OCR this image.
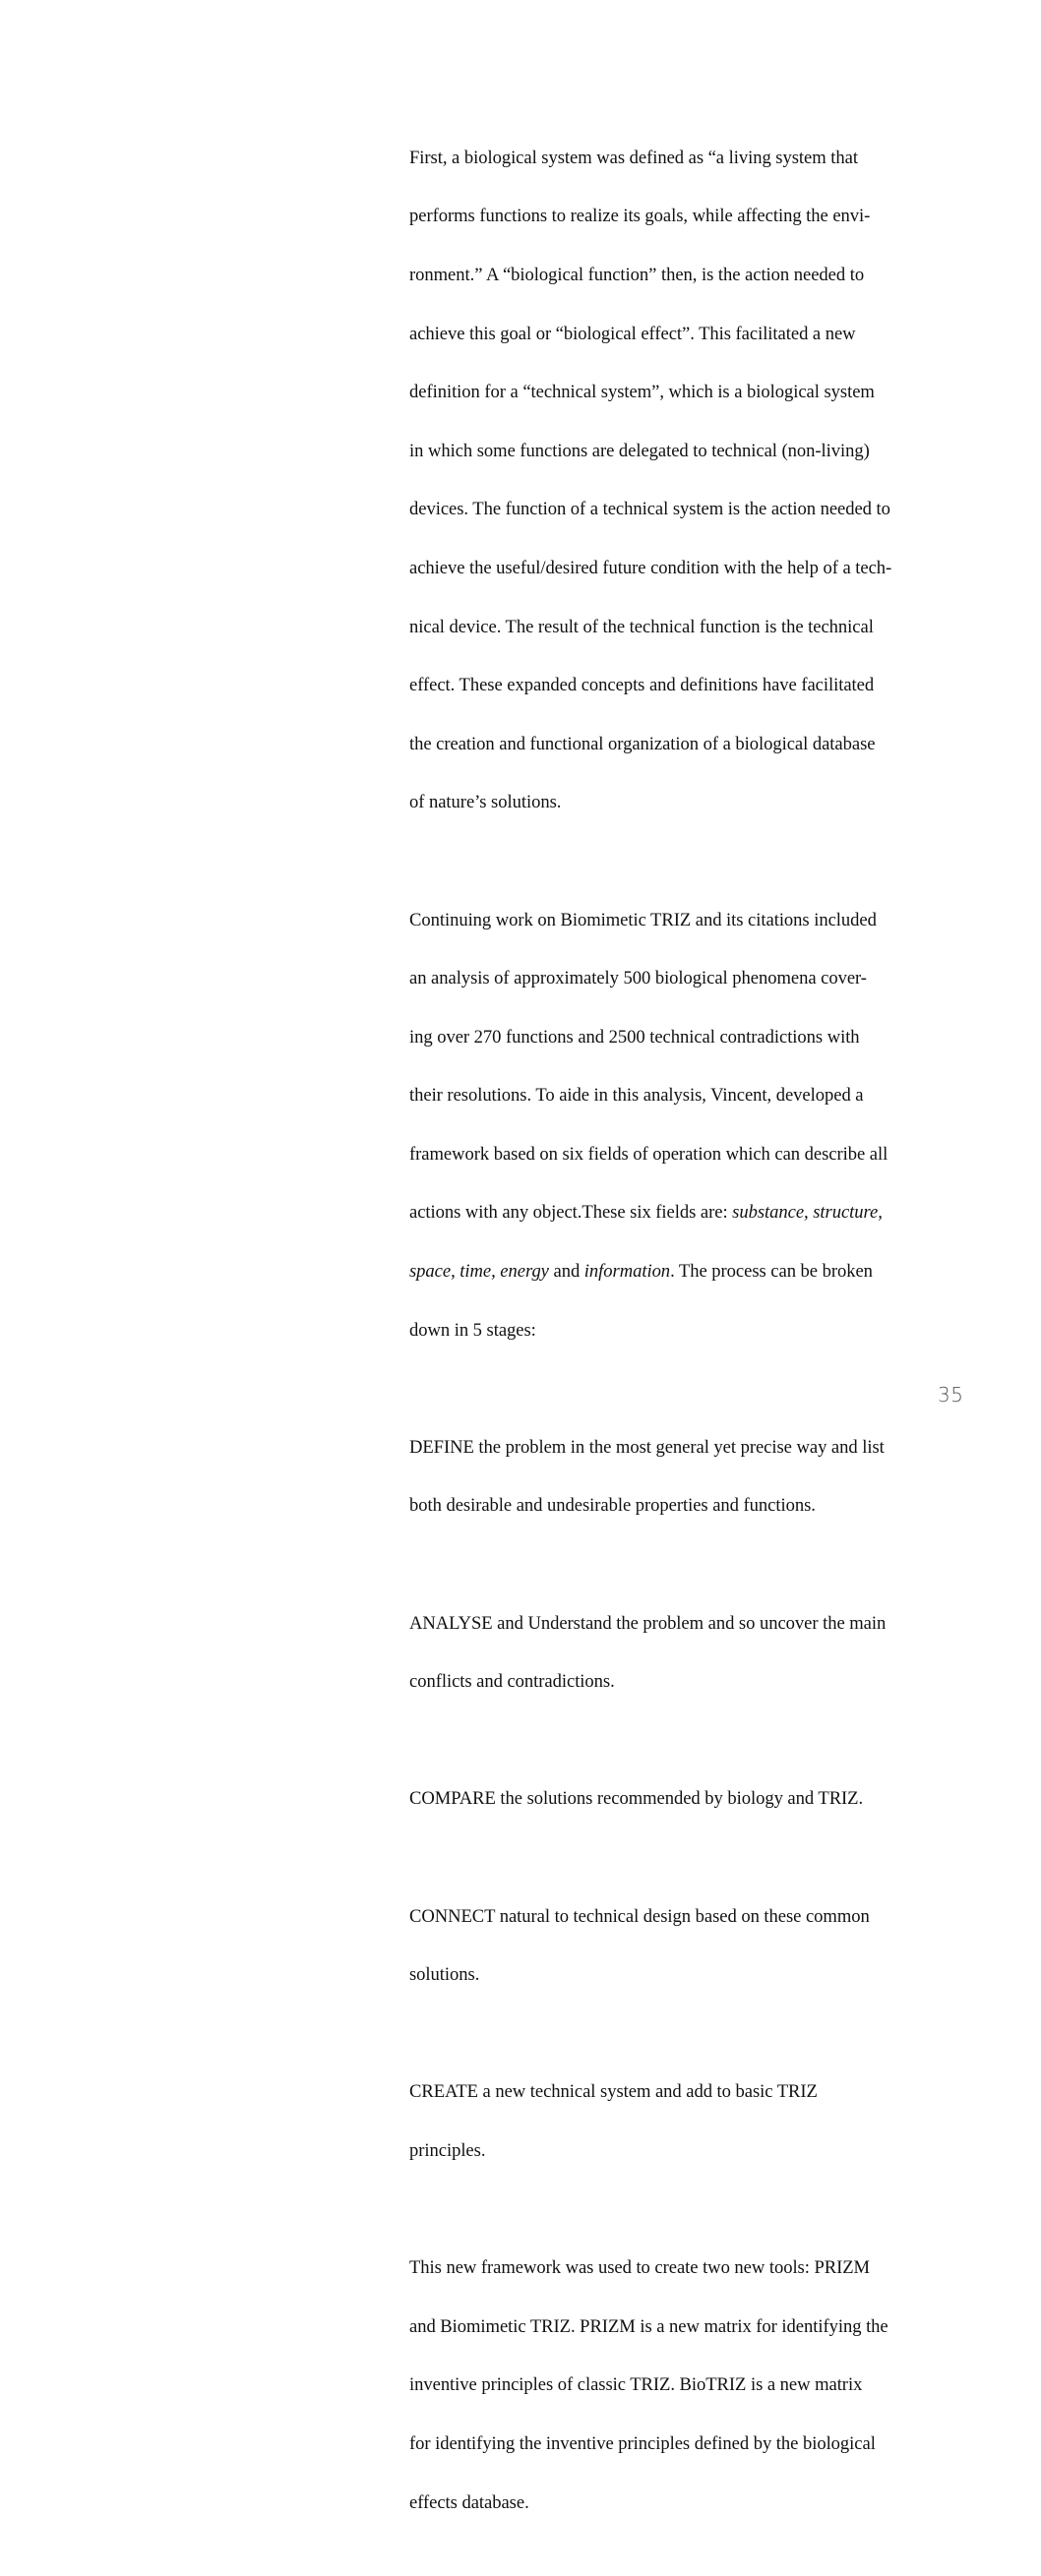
First, a biological system was defined as “a living system that

performs functions to realize its goals, while affecting the envi-

ronment.” A “biological function” then, is the action needed to

achieve this goal or “biological effect”. This facilitated a new

definition for a “technical system”, which is a biological system

in which some functions are delegated to technical (non-living)

devices. The function of a technical system is the action needed to

achieve the useful/desired future condition with the help of a tech-

nical device. The result of the technical function is the technical

effect. These expanded concepts and definitions have facilitated

the creation and functional organization of a biological database

of nature’s solutions.

Continuing work on Biomimetic TRIZ and its citations included

an analysis of approximately 500 biological phenomena cover-

ing over 270 functions and 2500 technical contradictions with

their resolutions. To aide in this analysis, Vincent, developed a

framework based on six fields of operation which can describe all

actions with any object.These six fields are: substance, structure,

space, time, energy and information. The process can be broken

down in 5 stages:

DEFINE the problem in the most general yet precise way and list

both desirable and undesirable properties and functions.

ANALYSE and Understand the problem and so uncover the main

conflicts and contradictions.

COMPARE the solutions recommended by biology and TRIZ.

CONNECT natural to technical design based on these common

solutions.

CREATE a new technical system and add to basic TRIZ

principles.

This new framework was used to create two new tools: PRIZM

and Biomimetic TRIZ. PRIZM is a new matrix for identifying the

inventive principles of classic TRIZ. BioTRIZ is a new matrix

for identifying the inventive principles defined by the biological

effects database.

35
